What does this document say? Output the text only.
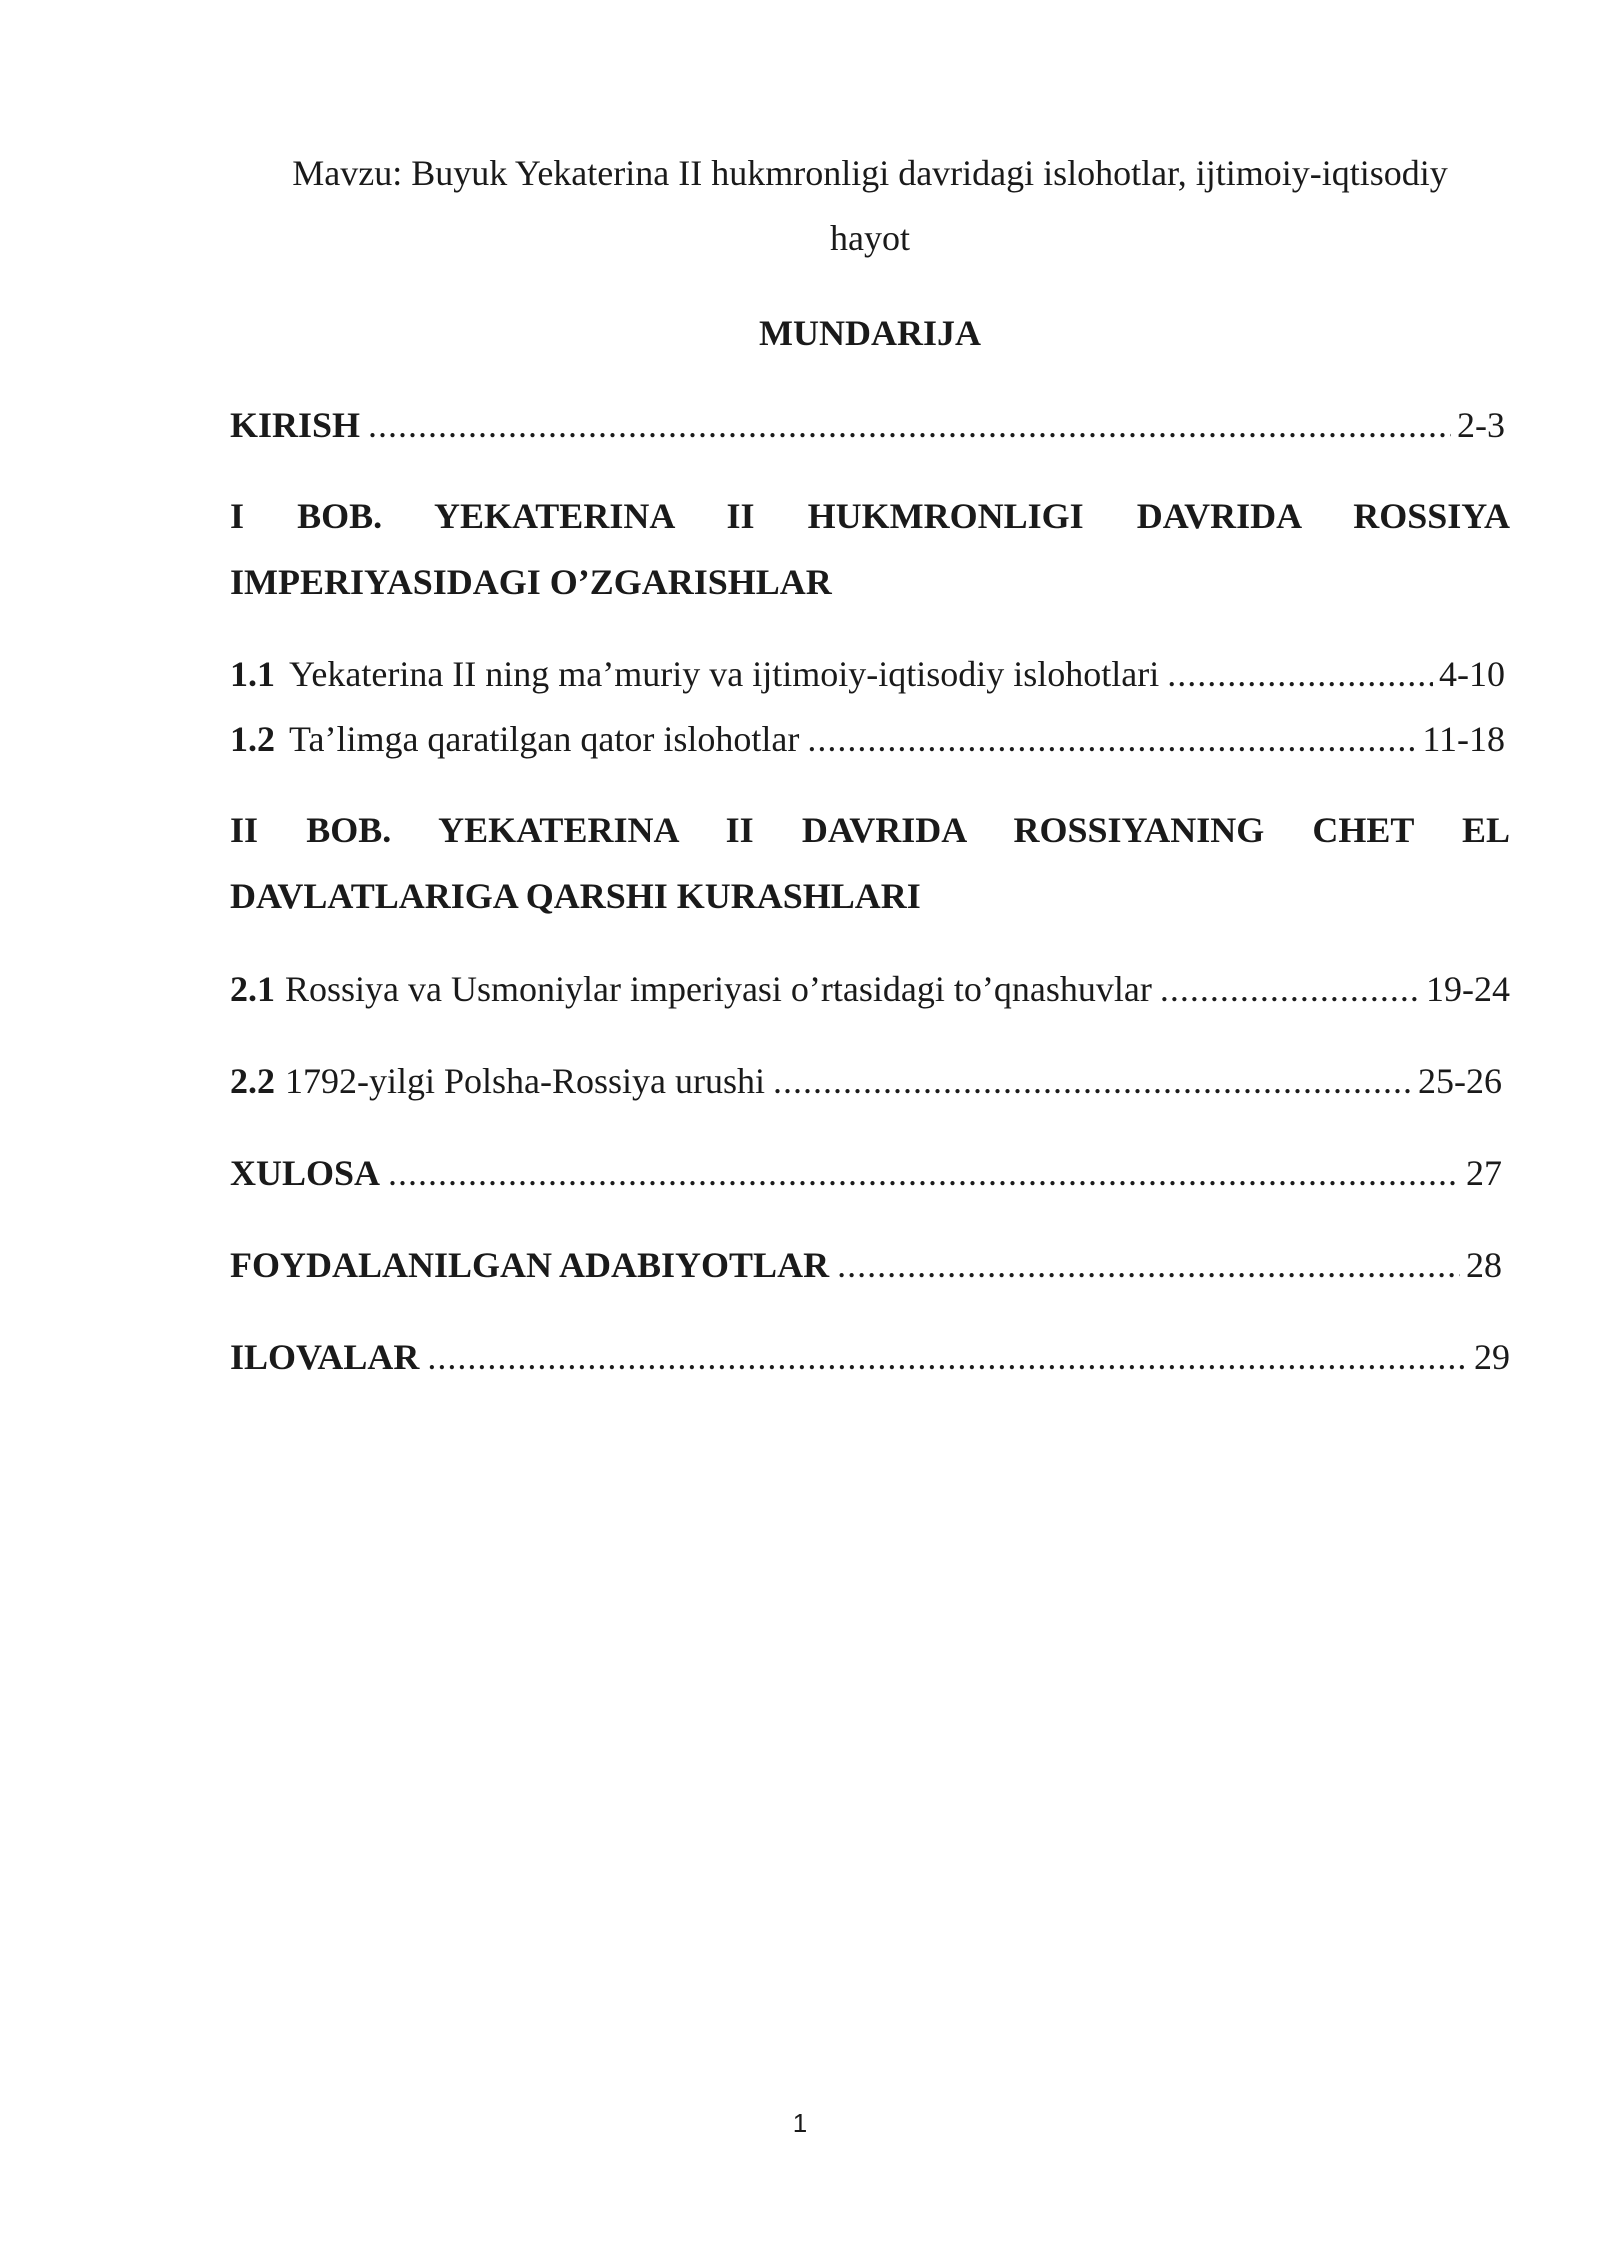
Mavzu: Buyuk Yekaterina II hukmronligi davridagi islohotlar, ijtimoiy-iqtisodiy

hayot

MUNDARIJA
KIRISH .....	2-3
I BOB. YEKATERINA II HUKMRONLIGI DAVRIDA ROSSIYA
IMPERIYASIDAGI O’ZGARISHLAR
1.1 Yekaterina II ning ma’muriy va ijtimoiy-iqtisodiy islohotlari .....	4-10
1.2 Ta’limga qaratilgan qator islohotlar .....	11-18
II BOB. YEKATERINA II DAVRIDA ROSSIYANING CHET EL
DAVLATLARIGA QARSHI KURASHLARI
2.1 Rossiya va Usmoniylar imperiyasi o’rtasidagi to’qnashuvlar .....	19-24
2.2 1792-yilgi Polsha-Rossiya urushi .....	25-26
XULOSA .....	27
FOYDALANILGAN ADABIYOTLAR .....	28
ILOVALAR .....	29
1
